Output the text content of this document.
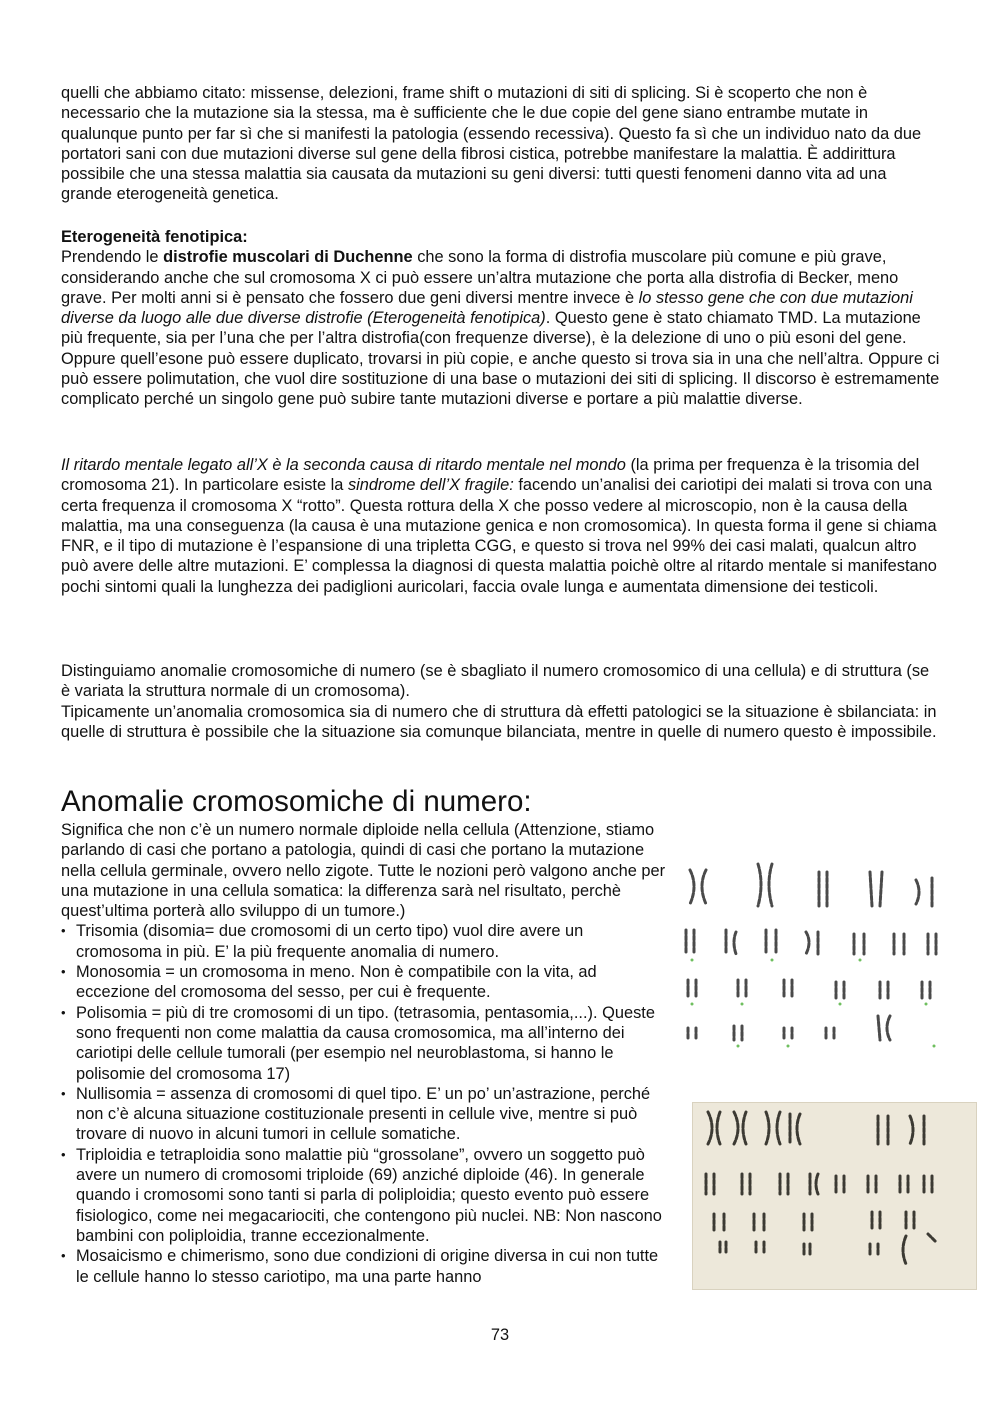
quelli che abbiamo citato: missense, delezioni, frame shift o mutazioni di siti di splicing. Si è scoperto che non è necessario che la mutazione sia la stessa, ma è sufficiente che le due copie del gene siano entrambe mutate in qualunque punto per far sì che si manifesti la patologia (essendo recessiva). Questo fa sì che un individuo nato da due portatori sani con due mutazioni diverse sul gene della fibrosi cistica, potrebbe manifestare la malattia. È addirittura possibile che una stessa malattia sia causata da mutazioni su geni diversi: tutti questi fenomeni danno vita ad una grande eterogeneità genetica.

Eterogeneità fenotipica:

Prendendo le distrofie muscolari di Duchenne che sono la forma di distrofia muscolare più comune e più grave, considerando anche che sul cromosoma X ci può essere un’altra mutazione che porta alla distrofia di Becker, meno grave. Per molti anni si è pensato che fossero due geni diversi mentre invece è lo stesso gene che con due mutazioni diverse da luogo alle due diverse distrofie (Eterogeneità fenotipica). Questo gene è stato chiamato TMD. La mutazione più frequente, sia per l’una che per l’altra distrofia(con frequenze diverse), è la delezione di uno o più esoni del gene. Oppure quell’esone può essere duplicato, trovarsi in più copie, e anche questo si trova sia in una che nell’altra. Oppure ci può essere polimutation, che vuol dire sostituzione di una base o mutazioni dei siti di splicing. Il discorso è estremamente complicato perché un singolo gene può subire tante mutazioni diverse e portare a più malattie diverse.

Il ritardo mentale legato all’X è la seconda causa di ritardo mentale nel mondo (la prima per frequenza è la trisomia del cromosoma 21). In particolare esiste la sindrome dell’X fragile: facendo un’analisi dei cariotipi dei malati si trova con una certa frequenza il cromosoma X “rotto”. Questa rottura della X che posso vedere al microscopio, non è la causa della malattia, ma una conseguenza (la causa è una mutazione genica e non cromosomica). In questa forma il gene si chiama FNR, e il tipo di mutazione è l’espansione di una tripletta CGG, e questo si trova nel 99% dei casi malati, qualcun altro può avere delle altre mutazioni. E’ complessa la diagnosi di questa malattia poichè oltre al ritardo mentale si manifestano pochi sintomi quali la lunghezza dei padiglioni auricolari, faccia ovale lunga e aumentata dimensione dei testicoli.

Distinguiamo anomalie cromosomiche di numero (se è sbagliato il numero cromosomico di una cellula) e di struttura (se è variata la struttura normale di un cromosoma).

Tipicamente un’anomalia cromosomica sia di numero che di struttura dà effetti patologici se la situazione è sbilanciata: in quelle di struttura è possibile che la situazione sia comunque bilanciata, mentre in quelle di numero questo è impossibile.

Anomalie cromosomiche di numero:

Significa che non c’è un numero normale diploide nella cellula (Attenzione, stiamo parlando di casi che portano a patologia, quindi di casi che portano la mutazione nella cellula germinale, ovvero nello zigote. Tutte le nozioni però valgono anche per una mutazione in una cellula somatica: la differenza sarà nel risultato, perchè quest’ultima porterà allo sviluppo di un tumore.)

• Trisomia (disomia= due cromosomi di un certo tipo) vuol dire avere un cromosoma in più. E’ la più frequente anomalia di numero.
• Monosomia = un cromosoma in meno. Non è compatibile con la vita, ad eccezione del cromosoma del sesso, per cui è frequente.
• Polisomia = più di tre cromosomi di un tipo. (tetrasomia, pentasomia,...). Queste sono frequenti non come malattia da causa cromosomica, ma all’interno dei cariotipi delle cellule tumorali (per esempio nel neuroblastoma, si hanno le polisomie del cromosoma 17)
• Nullisomia = assenza di cromosomi di quel tipo. E’ un po’ un’astrazione, perché non c’è alcuna situazione costituzionale presenti in cellule vive, mentre si può trovare di nuovo in alcuni tumori in cellule somatiche.
• Triploidia e tetraploidia sono malattie più “grossolane”, ovvero un soggetto può avere un numero di cromosomi triploide (69) anziché diploide (46). In generale quando i cromosomi sono tanti si parla di poliploidia; questo evento può essere fisiologico, come nei megacariociti, che contengono più nuclei. NB: Non nascono bambini con poliploidia, tranne eccezionalmente.
• Mosaicismo e chimerismo, sono due condizioni di origine diversa in cui non tutte le cellule hanno lo stesso cariotipo, ma una parte hanno
73
